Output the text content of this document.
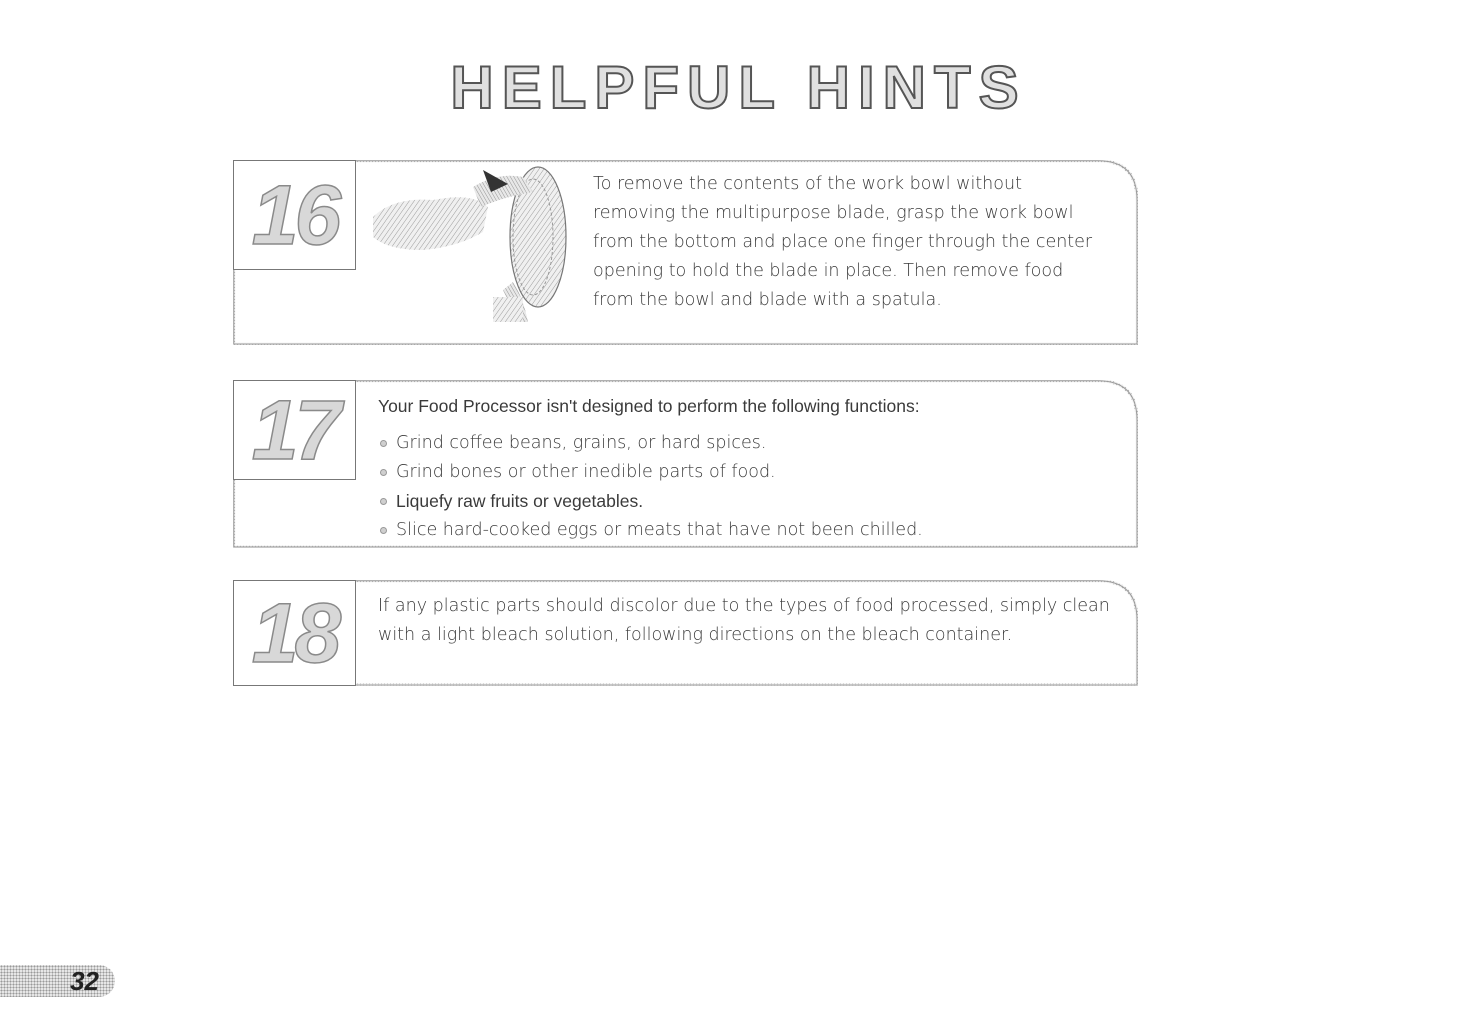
HELPFUL HINTS
16	To remove the contents of the work bowl without removing the multipurpose blade, grasp the work bowl from the bottom and place one finger through the center opening to hold the blade in place. Then remove food from the bowl and blade with a spatula.
17	Your Food Processor isn't designed to perform the following functions:
Grind coffee beans, grains, or hard spices.
Grind bones or other inedible parts of food.
Liquefy raw fruits or vegetables.
Slice hard-cooked eggs or meats that have not been chilled.
18	If any plastic parts should discolor due to the types of food processed, simply clean with a light bleach solution, following directions on the bleach container.
32
